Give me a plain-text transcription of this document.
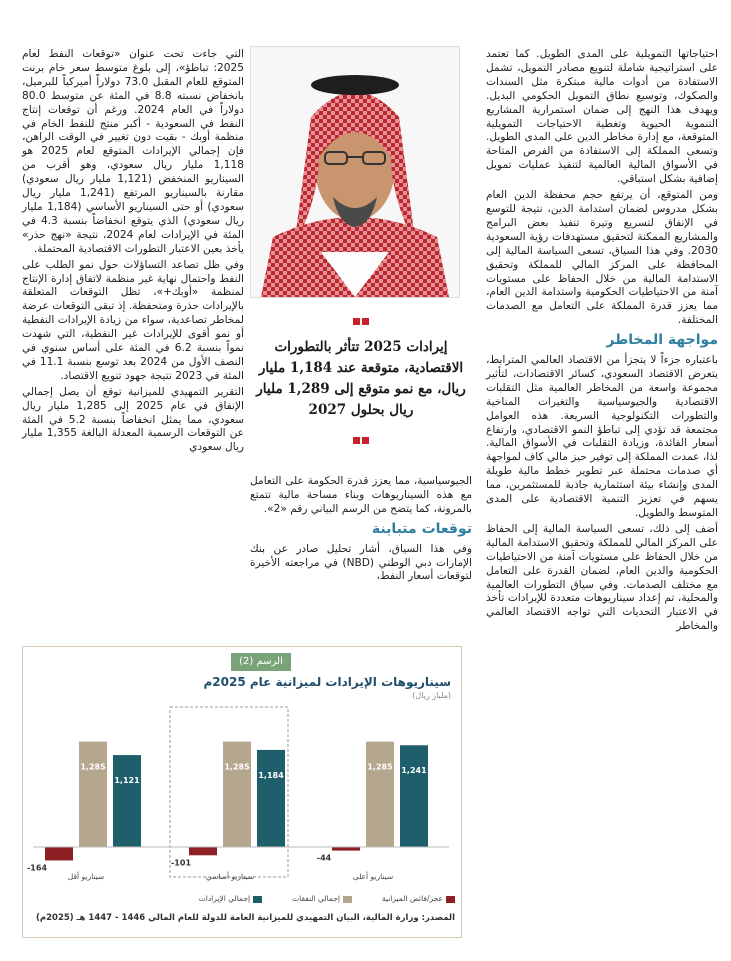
احتياجاتها التمويلية على المدى الطويل. كما تعتمد على استراتيجية شاملة لتنويع مصادر التمويل، تشمل الاستفادة من أدوات مالية مبتكرة مثل السندات والصكوك، وتوسيع نطاق التمويل الحكومي البديل. ويهدف هذا النهج إلى ضمان استمرارية المشاريع التنموية الحيوية وتغطية الاحتياجات التمويلية المتوقعة، مع إدارة مخاطر الدين على المدى الطويل. وتسعى المملكة إلى الاستفادة من الفرص المتاحة في الأسواق المالية العالمية لتنفيذ عمليات تمويل إضافية بشكل استباقي.

ومن المتوقع، أن يرتفع حجم محفظة الدين العام بشكل مدروس لضمان استدامة الدين، نتيجة للتوسع في الإنفاق لتسريع وتيرة تنفيذ بعض البرامج والمشاريع الممكنة لتحقيق مستهدفات رؤية السعودية 2030. وفي هذا السياق، تسعى السياسة المالية إلى المحافظة على المركز المالي للمملكة وتحقيق الاستدامة المالية من خلال الحفاظ على مستويات آمنة من الاحتياطيات الحكومية واستدامة الدين العام، مما يعزز قدرة المملكة على التعامل مع الصدمات المختلفة.

مواجهة المخاطر

باعتباره جزءاً لا يتجزأ من الاقتصاد العالمي المترابط، يتعرض الاقتصاد السعودي، كسائر الاقتصادات، لتأثير مجموعة واسعة من المخاطر العالمية مثل التقلبات الاقتصادية والجيوسياسية والتغيرات المناخية والتطورات التكنولوجية السريعة. هذه العوامل مجتمعة قد تؤدي إلى تباطؤ النمو الاقتصادي، وارتفاع أسعار الفائدة، وزيادة التقلبات في الأسواق المالية. لذا، عمدت المملكة إلى توفير حيز مالي كاف لمواجهة أي صدمات محتملة عبر تطوير خطط مالية طويلة المدى وإنشاء بيئة استثمارية جاذبة للمستثمرين، مما يسهم في تعزيز التنمية الاقتصادية على المدى المتوسط والطويل.

أضف إلى ذلك، تسعى السياسة المالية إلى الحفاظ على المركز المالي للمملكة وتحقيق الاستدامة المالية من خلال الحفاظ على مستويات آمنة من الاحتياطيات الحكومية والدين العام، لضمان القدرة على التعامل مع مختلف الصدمات. وفي سياق التطورات العالمية والمحلية، تم إعداد سيناريوهات متعددة للإيرادات تأخذ في الاعتبار التحديات التي تواجه الاقتصاد العالمي والمخاطر

إيرادات 2025 تتأثر بالتطورات الاقتصادية، متوقعة عند 1,184 مليار ريال، مع نمو متوقع إلى 1,289 مليار ريال بحلول 2027

الجيوسياسية، مما يعزز قدرة الحكومة على التعامل مع هذه السيناريوهات وبناء مساحة مالية تتمتع بالمرونة، كما يتضح من الرسم البياني رقم «2».

توقعات متباينة

وفي هذا السياق، أشار تحليل صادر عن بنك الإمارات دبي الوطني (NBD) في مراجعته الأخيرة لتوقعات أسعار النفط،

التي جاءت تحت عنوان «توقعات النفط لعام 2025: تباطؤ»، إلى بلوغ متوسط سعر خام برنت المتوقع للعام المقبل 73.0 دولاراً أميركياً للبرميل، بانخفاض نسبته 8.8 في المئة عن متوسط 80.0 دولاراً في العام 2024. ورغم أن توقعات إنتاج النفط في السعودية - أكبر منتج للنفط الخام في منظمة أوبك - بقيت دون تغيير في الوقت الراهن، فإن إجمالي الإيرادات المتوقع لعام 2025 هو 1,118 مليار ريال سعودي، وهو أقرب من السيناريو المنخفض (1,121 مليار ريال سعودي) مقارنة بالسيناريو المرتفع (1,241 مليار ريال سعودي) أو حتى السيناريو الأساسي (1,184 مليار ريال سعودي) الذي يتوقع انخفاضاً بنسبة 4.3 في المئة في الإيرادات لعام 2024، نتيجة «نهج حذر» يأخذ بعين الاعتبار التطورات الاقتصادية المحتملة.

وفي ظل تصاعد التساؤلات حول نمو الطلب على النفط واحتمال نهاية غير منظمة لاتفاق إدارة الإنتاج لمنظمة «أوبك+»، تظل التوقعات المتعلقة بالإيرادات حذرة ومتحفظة. إذ تبقى التوقعات عرضة لمخاطر تصاعدية، سواء من زيادة الإيرادات النفطية أو نمو أقوى للإيرادات غير النفطية، التي شهدت نمواً بنسبة 6.2 في المئة على أساس سنوي في النصف الأول من 2024 بعد توسع بنسبة 11.1 في المئة في 2023 نتيجة جهود تنويع الاقتصاد.

التقرير التمهيدي للميزانية توقع أن يصل إجمالي الإنفاق في عام 2025 إلى 1,285 مليار ريال سعودي، مما يمثل انخفاضاً بنسبة 5.2 في المئة عن التوقعات الرسمية المعدلة البالغة 1,355 مليار ريال سعودي

الرسم (2)
سيناريوهات الإيرادات لميزانية عام 2025م
(مليار ريال)
1,241
1,285
-44
سيناريو أعلى
1,184
1,285
-101
سيناريو أساسي
1,121
1,285
-164
سيناريو أقل
عجز/فائض الميزانية
إجمالي النفقات
إجمالي الإيرادات
المصدر: وزارة المالية، البيان التمهيدي للميزانية العامة للدولة للعام المالي 1446 - 1447 هـ (2025م)
